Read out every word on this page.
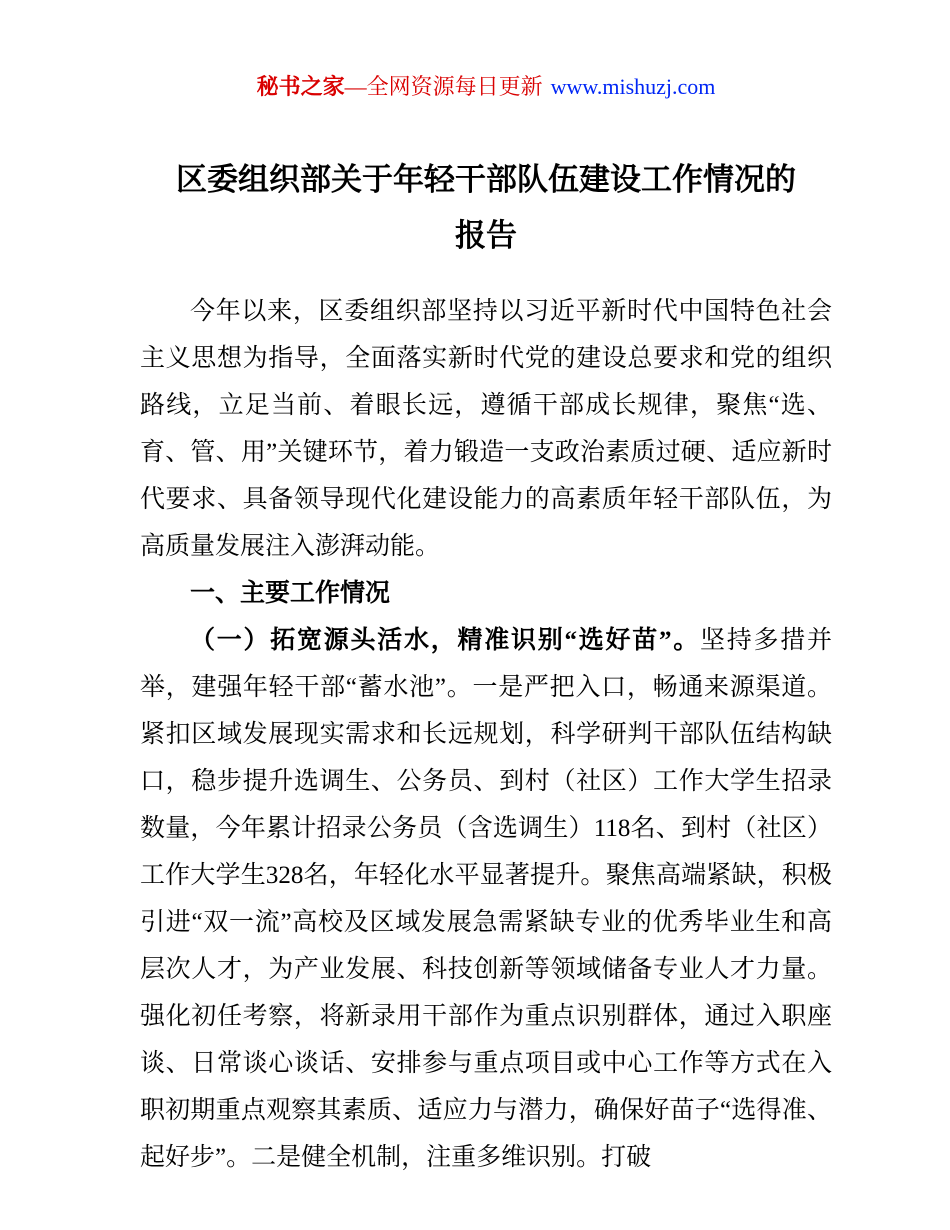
秘书之家—全网资源每日更新 www.mishuzj.com
区委组织部关于年轻干部队伍建设工作情况的
报告

今年以来，区委组织部坚持以习近平新时代中国特色社会主义思想为指导，全面落实新时代党的建设总要求和党的组织路线，立足当前、着眼长远，遵循干部成长规律，聚焦“选、育、管、用”关键环节，着力锻造一支政治素质过硬、适应新时代要求、具备领导现代化建设能力的高素质年轻干部队伍，为高质量发展注入澎湃动能。

一、主要工作情况

（一）拓宽源头活水，精准识别“选好苗”。坚持多措并举，建强年轻干部“蓄水池”。一是严把入口，畅通来源渠道。紧扣区域发展现实需求和长远规划，科学研判干部队伍结构缺口，稳步提升选调生、公务员、到村（社区）工作大学生招录数量，今年累计招录公务员（含选调生）118名、到村（社区）工作大学生328名，年轻化水平显著提升。聚焦高端紧缺，积极引进“双一流”高校及区域发展急需紧缺专业的优秀毕业生和高层次人才，为产业发展、科技创新等领域储备专业人才力量。强化初任考察，将新录用干部作为重点识别群体，通过入职座谈、日常谈心谈话、安排参与重点项目或中心工作等方式在入职初期重点观察其素质、适应力与潜力，确保好苗子“选得准、起好步”。二是健全机制，注重多维识别。打破
